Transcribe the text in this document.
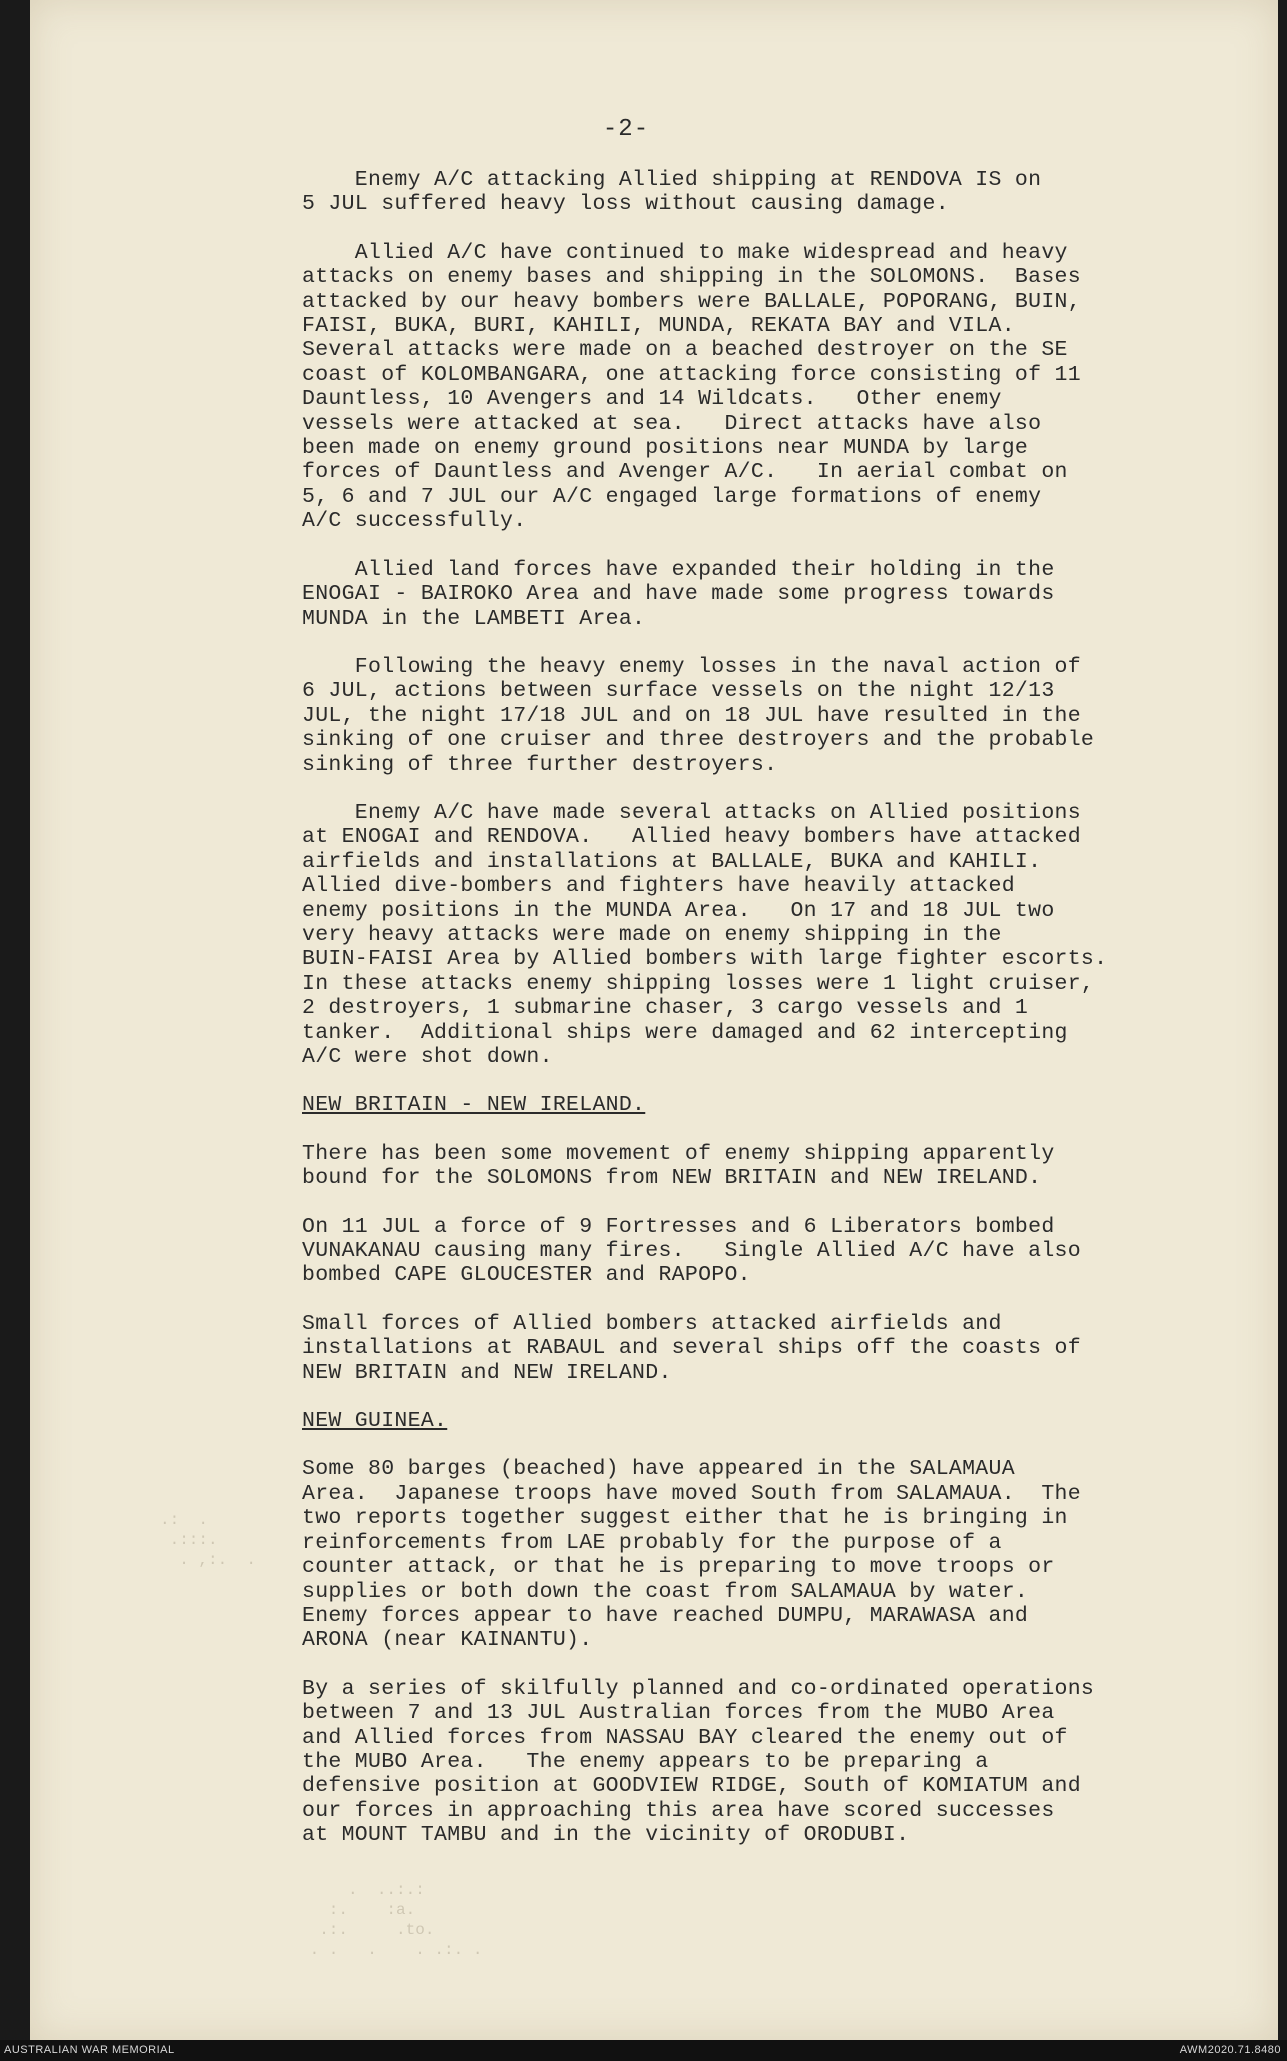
-2-
.:  .
.:::.
. ,:.  .
.  ..:.:
:.    :a.
.:.     .to.
. .   .    . .:. .

Enemy A/C attacking Allied shipping at RENDOVA IS on
5 JUL suffered heavy loss without causing damage.

Allied A/C have continued to make widespread and heavy
attacks on enemy bases and shipping in the SOLOMONS.  Bases
attacked by our heavy bombers were BALLALE, POPORANG, BUIN,
FAISI, BUKA, BURI, KAHILI, MUNDA, REKATA BAY and VILA.
Several attacks were made on a beached destroyer on the SE
coast of KOLOMBANGARA, one attacking force consisting of 11
Dauntless, 10 Avengers and 14 Wildcats.   Other enemy
vessels were attacked at sea.   Direct attacks have also
been made on enemy ground positions near MUNDA by large
forces of Dauntless and Avenger A/C.   In aerial combat on
5, 6 and 7 JUL our A/C engaged large formations of enemy
A/C successfully.

Allied land forces have expanded their holding in the
ENOGAI - BAIROKO Area and have made some progress towards
MUNDA in the LAMBETI Area.

Following the heavy enemy losses in the naval action of
6 JUL, actions between surface vessels on the night 12/13
JUL, the night 17/18 JUL and on 18 JUL have resulted in the
sinking of one cruiser and three destroyers and the probable
sinking of three further destroyers.

Enemy A/C have made several attacks on Allied positions
at ENOGAI and RENDOVA.   Allied heavy bombers have attacked
airfields and installations at BALLALE, BUKA and KAHILI.
Allied dive-bombers and fighters have heavily attacked
enemy positions in the MUNDA Area.   On 17 and 18 JUL two
very heavy attacks were made on enemy shipping in the
BUIN-FAISI Area by Allied bombers with large fighter escorts.
In these attacks enemy shipping losses were 1 light cruiser,
2 destroyers, 1 submarine chaser, 3 cargo vessels and 1
tanker.  Additional ships were damaged and 62 intercepting
A/C were shot down.

NEW BRITAIN - NEW IRELAND.

There has been some movement of enemy shipping apparently
bound for the SOLOMONS from NEW BRITAIN and NEW IRELAND.

On 11 JUL a force of 9 Fortresses and 6 Liberators bombed
VUNAKANAU causing many fires.   Single Allied A/C have also
bombed CAPE GLOUCESTER and RAPOPO.

Small forces of Allied bombers attacked airfields and
installations at RABAUL and several ships off the coasts of
NEW BRITAIN and NEW IRELAND.

NEW GUINEA.

Some 80 barges (beached) have appeared in the SALAMAUA
Area.  Japanese troops have moved South from SALAMAUA.  The
two reports together suggest either that he is bringing in
reinforcements from LAE probably for the purpose of a
counter attack, or that he is preparing to move troops or
supplies or both down the coast from SALAMAUA by water.
Enemy forces appear to have reached DUMPU, MARAWASA and
ARONA (near KAINANTU).

By a series of skilfully planned and co-ordinated operations
between 7 and 13 JUL Australian forces from the MUBO Area
and Allied forces from NASSAU BAY cleared the enemy out of
the MUBO Area.   The enemy appears to be preparing a
defensive position at GOODVIEW RIDGE, South of KOMIATUM and
our forces in approaching this area have scored successes
at MOUNT TAMBU and in the vicinity of ORODUBI.

AUSTRALIAN WAR MEMORIAL	AWM2020.71.8480
